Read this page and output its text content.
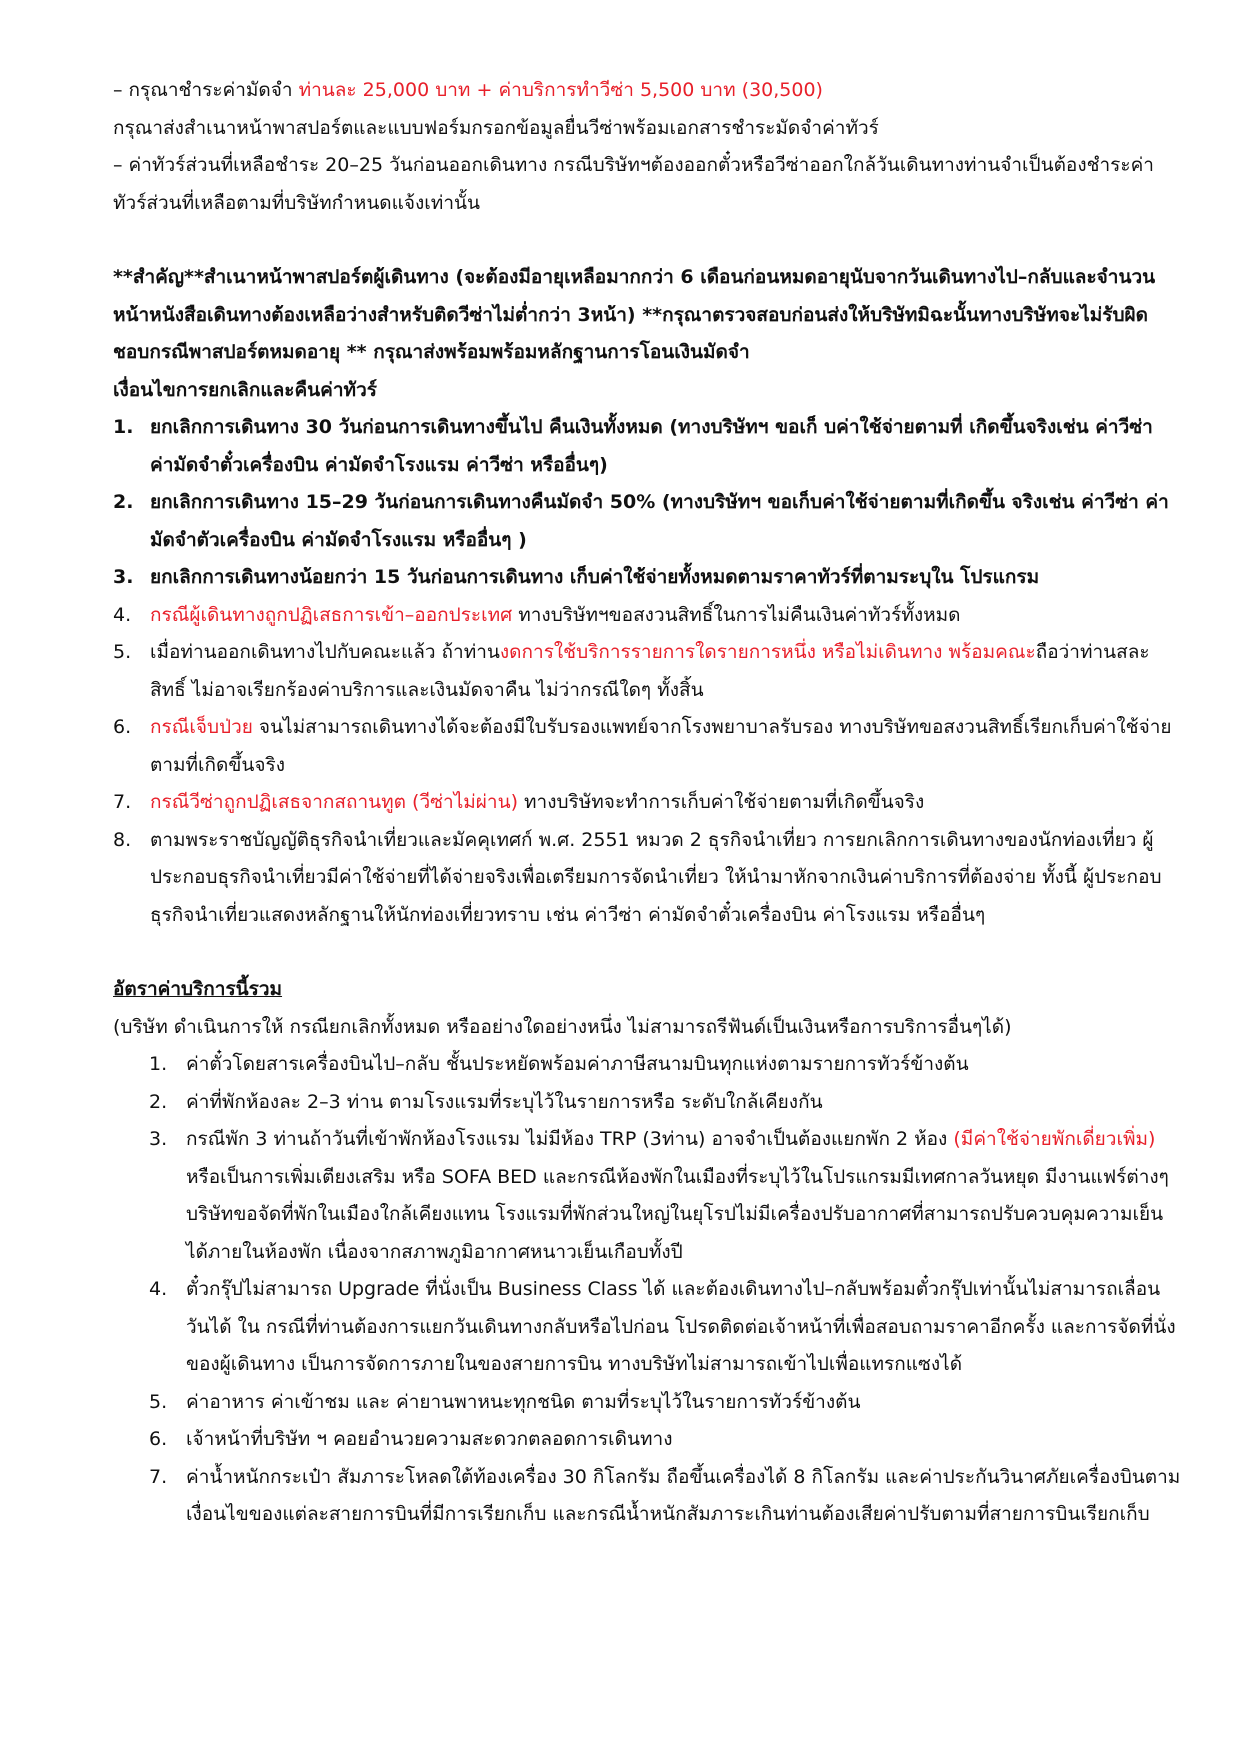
– กรุณาชำระค่ามัดจำ ท่านละ 25,000 บาท + ค่าบริการทำวีซ่า 5,500 บาท (30,500)

กรุณาส่งสำเนาหน้าพาสปอร์ตและแบบฟอร์มกรอกข้อมูลยื่นวีซ่าพร้อมเอกสารชำระมัดจำค่าทัวร์

– ค่าทัวร์ส่วนที่เหลือชำระ 20–25 วันก่อนออกเดินทาง กรณีบริษัทฯต้องออกตั๋วหรือวีซ่าออกใกล้วันเดินทางท่านจำเป็นต้องชำระค่าทัวร์ส่วนที่เหลือตามที่บริษัทกำหนดแจ้งเท่านั้น

**สำคัญ**สำเนาหน้าพาสปอร์ตผู้เดินทาง (จะต้องมีอายุเหลือมากกว่า 6 เดือนก่อนหมดอายุนับจากวันเดินทางไป–กลับและจำนวนหน้าหนังสือเดินทางต้องเหลือว่างสำหรับติดวีซ่าไม่ต่ำกว่า 3หน้า) **กรุณาตรวจสอบก่อนส่งให้บริษัทมิฉะนั้นทางบริษัทจะไม่รับผิดชอบกรณีพาสปอร์ตหมดอายุ ** กรุณาส่งพร้อมพร้อมหลักฐานการโอนเงินมัดจำ

เงื่อนไขการยกเลิกและคืนค่าทัวร์

1. ยกเลิกการเดินทาง 30 วันก่อนการเดินทางขึ้นไป คืนเงินทั้งหมด (ทางบริษัทฯ ขอเก็ บค่าใช้จ่ายตามที่ เกิดขึ้นจริงเช่น ค่าวีซ่า ค่ามัดจำตั๋วเครื่องบิน ค่ามัดจำโรงแรม ค่าวีซ่า หรืออื่นๆ)
2. ยกเลิกการเดินทาง 15–29 วันก่อนการเดินทางคืนมัดจำ 50% (ทางบริษัทฯ ขอเก็บค่าใช้จ่ายตามที่เกิดขึ้น จริงเช่น ค่าวีซ่า ค่ามัดจำตัวเครื่องบิน ค่ามัดจำโรงแรม หรืออื่นๆ )
3. ยกเลิกการเดินทางน้อยกว่า 15 วันก่อนการเดินทาง เก็บค่าใช้จ่ายทั้งหมดตามราคาทัวร์ที่ตามระบุใน โปรแกรม
4. กรณีผู้เดินทางถูกปฏิเสธการเข้า–ออกประเทศ ทางบริษัทฯขอสงวนสิทธิ์ในการไม่คืนเงินค่าทัวร์ทั้งหมด
5. เมื่อท่านออกเดินทางไปกับคณะแล้ว ถ้าท่านงดการใช้บริการรายการใดรายการหนึ่ง หรือไม่เดินทาง พร้อมคณะถือว่าท่านสละสิทธิ์ ไม่อาจเรียกร้องค่าบริการและเงินมัดจาคืน ไม่ว่ากรณีใดๆ ทั้งสิ้น
6. กรณีเจ็บป่วย จนไม่สามารถเดินทางได้จะต้องมีใบรับรองแพทย์จากโรงพยาบาลรับรอง ทางบริษัทขอสงวนสิทธิ์เรียกเก็บค่าใช้จ่ายตามที่เกิดขึ้นจริง
7. กรณีวีซ่าถูกปฏิเสธจากสถานทูต (วีซ่าไม่ผ่าน) ทางบริษัทจะทำการเก็บค่าใช้จ่ายตามที่เกิดขึ้นจริง
8. ตามพระราชบัญญัติธุรกิจนำเที่ยวและมัคคุเทศก์ พ.ศ. 2551 หมวด 2 ธุรกิจนำเที่ยว การยกเลิกการเดินทางของนักท่องเที่ยว ผู้ประกอบธุรกิจนำเที่ยวมีค่าใช้จ่ายที่ได้จ่ายจริงเพื่อเตรียมการจัดนำเที่ยว ให้นำมาหักจากเงินค่าบริการที่ต้องจ่าย ทั้งนี้ ผู้ประกอบธุรกิจนำเที่ยวแสดงหลักฐานให้นักท่องเที่ยวทราบ เช่น ค่าวีซ่า ค่ามัดจำตั๋วเครื่องบิน ค่าโรงแรม หรืออื่นๆ

อัตราค่าบริการนี้รวม

(บริษัท ดำเนินการให้ กรณียกเลิกทั้งหมด หรืออย่างใดอย่างหนึ่ง ไม่สามารถรีฟันด์เป็นเงินหรือการบริการอื่นๆได้)

1. ค่าตั๋วโดยสารเครื่องบินไป–กลับ ชั้นประหยัดพร้อมค่าภาษีสนามบินทุกแห่งตามรายการทัวร์ข้างต้น
2. ค่าที่พักห้องละ 2–3 ท่าน ตามโรงแรมที่ระบุไว้ในรายการหรือ ระดับใกล้เคียงกัน
3. กรณีพัก 3 ท่านถ้าวันที่เข้าพักห้องโรงแรม ไม่มีห้อง TRP (3ท่าน) อาจจำเป็นต้องแยกพัก 2 ห้อง (มีค่าใช้จ่ายพักเดี่ยวเพิ่ม) หรือเป็นการเพิ่มเตียงเสริม หรือ SOFA BED และกรณีห้องพักในเมืองที่ระบุไว้ในโปรแกรมมีเทศกาลวันหยุด มีงานแฟร์ต่างๆ บริษัทขอจัดที่พักในเมืองใกล้เคียงแทน โรงแรมที่พักส่วนใหญ่ในยุโรปไม่มีเครื่องปรับอากาศที่สามารถปรับควบคุมความเย็นได้ภายในห้องพัก เนื่องจากสภาพภูมิอากาศหนาวเย็นเกือบทั้งปี
4. ตั๋วกรุ๊ปไม่สามารถ Upgrade ที่นั่งเป็น Business Class ได้ และต้องเดินทางไป–กลับพร้อมตั๋วกรุ๊ปเท่านั้นไม่สามารถเลื่อนวันได้ ใน กรณีที่ท่านต้องการแยกวันเดินทางกลับหรือไปก่อน โปรดติดต่อเจ้าหน้าที่เพื่อสอบถามราคาอีกครั้ง และการจัดที่นั่งของผู้เดินทาง เป็นการจัดการภายในของสายการบิน ทางบริษัทไม่สามารถเข้าไปเพื่อแทรกแซงได้
5. ค่าอาหาร ค่าเข้าชม และ ค่ายานพาหนะทุกชนิด ตามที่ระบุไว้ในรายการทัวร์ข้างต้น
6. เจ้าหน้าที่บริษัท ฯ คอยอำนวยความสะดวกตลอดการเดินทาง
7. ค่าน้ำหนักกระเป๋า สัมภาระโหลดใต้ท้องเครื่อง 30 กิโลกรัม ถือขึ้นเครื่องได้ 8 กิโลกรัม และค่าประกันวินาศภัยเครื่องบินตามเงื่อนไขของแต่ละสายการบินที่มีการเรียกเก็บ และกรณีน้ำหนักสัมภาระเกินท่านต้องเสียค่าปรับตามที่สายการบินเรียกเก็บ
